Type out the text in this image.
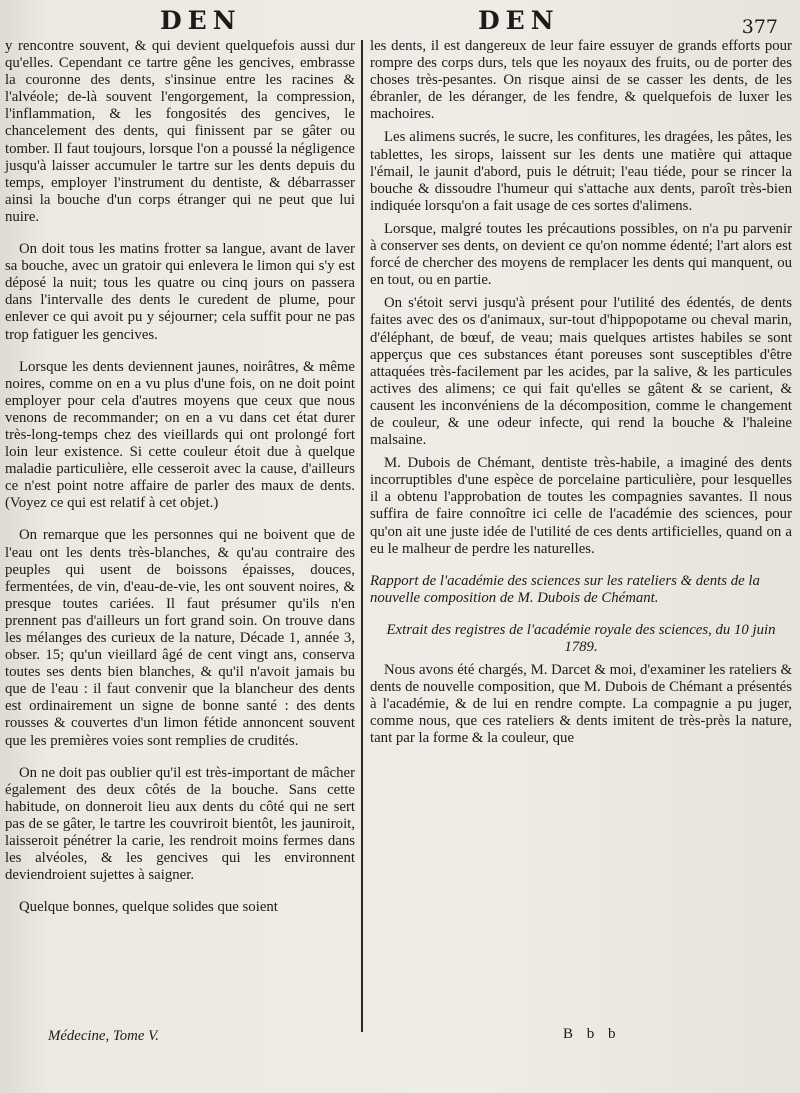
DEN	DEN	377

y rencontre souvent, & qui devient quelquefois aussi dur qu'elles. Cependant ce tartre gêne les gencives, embrasse la couronne des dents, s'insinue entre les racines & l'alvéole; de-là souvent l'engorgement, la compression, l'inflammation, & les fongosités des gencives, le chancelement des dents, qui finissent par se gâter ou tomber. Il faut toujours, lorsque l'on a poussé la négligence jusqu'à laisser accumuler le tartre sur les dents depuis du temps, employer l'instrument du dentiste, & débarrasser ainsi la bouche d'un corps étranger qui ne peut que lui nuire.

On doit tous les matins frotter sa langue, avant de laver sa bouche, avec un gratoir qui enlevera le limon qui s'y est déposé la nuit; tous les quatre ou cinq jours on passera dans l'intervalle des dents le curedent de plume, pour enlever ce qui avoit pu y séjourner; cela suffit pour ne pas trop fatiguer les gencives.

Lorsque les dents deviennent jaunes, noirâtres, & même noires, comme on en a vu plus d'une fois, on ne doit point employer pour cela d'autres moyens que ceux que nous venons de recommander; on en a vu dans cet état durer très-long-temps chez des vieillards qui ont prolongé fort loin leur existence. Si cette couleur étoit due à quelque maladie particulière, elle cesseroit avec la cause, d'ailleurs ce n'est point notre affaire de parler des maux de dents. (Voyez ce qui est relatif à cet objet.)

On remarque que les personnes qui ne boivent que de l'eau ont les dents très-blanches, & qu'au contraire des peuples qui usent de boissons épaisses, douces, fermentées, de vin, d'eau-de-vie, les ont souvent noires, & presque toutes cariées. Il faut présumer qu'ils n'en prennent pas d'ailleurs un fort grand soin. On trouve dans les mélanges des curieux de la nature, Décade 1, année 3, obser. 15; qu'un vieillard âgé de cent vingt ans, conserva toutes ses dents bien blanches, & qu'il n'avoit jamais bu que de l'eau : il faut convenir que la blancheur des dents est ordinairement un signe de bonne santé : des dents rousses & couvertes d'un limon fétide annoncent souvent que les premières voies sont remplies de crudités.

On ne doit pas oublier qu'il est très-important de mâcher également des deux côtés de la bouche. Sans cette habitude, on donneroit lieu aux dents du côté qui ne sert pas de se gâter, le tartre les couvriroit bientôt, les jauniroit, laisseroit pénétrer la carie, les rendroit moins fermes dans les alvéoles, & les gencives qui les environnent deviendroient sujettes à saigner.

Quelque bonnes, quelque solides que soient

les dents, il est dangereux de leur faire essuyer de grands efforts pour rompre des corps durs, tels que les noyaux des fruits, ou de porter des choses très-pesantes. On risque ainsi de se casser les dents, de les ébranler, de les déranger, de les fendre, & quelquefois de luxer les machoires.

Les alimens sucrés, le sucre, les confitures, les dragées, les pâtes, les tablettes, les sirops, laissent sur les dents une matière qui attaque l'émail, le jaunit d'abord, puis le détruit; l'eau tiéde, pour se rincer la bouche & dissoudre l'humeur qui s'attache aux dents, paroît très-bien indiquée lorsqu'on a fait usage de ces sortes d'alimens.

Lorsque, malgré toutes les précautions possibles, on n'a pu parvenir à conserver ses dents, on devient ce qu'on nomme édenté; l'art alors est forcé de chercher des moyens de remplacer les dents qui manquent, ou en tout, ou en partie.

On s'étoit servi jusqu'à présent pour l'utilité des édentés, de dents faites avec des os d'animaux, sur-tout d'hippopotame ou cheval marin, d'éléphant, de bœuf, de veau; mais quelques artistes habiles se sont apperçus que ces substances étant poreuses sont susceptibles d'être attaquées très-facilement par les acides, par la salive, & les particules actives des alimens; ce qui fait qu'elles se gâtent & se carient, & causent les inconvéniens de la décomposition, comme le changement de couleur, & une odeur infecte, qui rend la bouche & l'haleine malsaine.

M. Dubois de Chémant, dentiste très-habile, a imaginé des dents incorruptibles d'une espèce de porcelaine particulière, pour lesquelles il a obtenu l'approbation de toutes les compagnies savantes. Il nous suffira de faire connoître ici celle de l'académie des sciences, pour qu'on ait une juste idée de l'utilité de ces dents artificielles, quand on a eu le malheur de perdre les naturelles.

Rapport de l'académie des sciences sur les rateliers & dents de la nouvelle composition de M. Dubois de Chémant.

Extrait des registres de l'académie royale des sciences, du 10 juin 1789.

Nous avons été chargés, M. Darcet & moi, d'examiner les rateliers & dents de nouvelle composition, que M. Dubois de Chémant a présentés à l'académie, & de lui en rendre compte. La compagnie a pu juger, comme nous, que ces rateliers & dents imitent de très-près la nature, tant par la forme & la couleur, que

Médecine, Tome V.	B b b
